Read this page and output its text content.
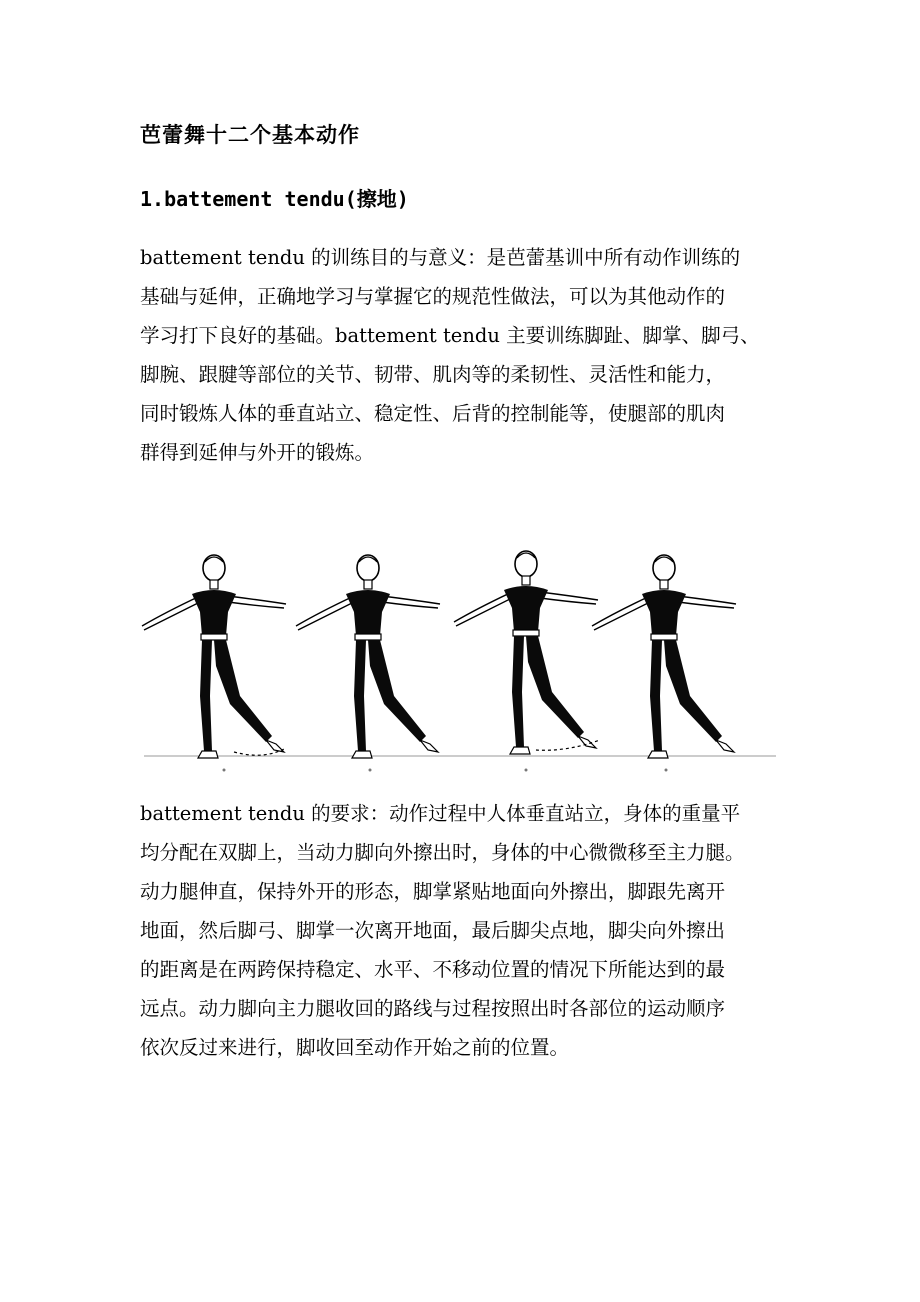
芭蕾舞十二个基本动作
1.battement tendu(擦地)
battement tendu 的训练目的与意义：是芭蕾基训中所有动作训练的
基础与延伸，正确地学习与掌握它的规范性做法，可以为其他动作的
学习打下良好的基础。battement tendu 主要训练脚趾、脚掌、脚弓、
脚腕、跟腱等部位的关节、韧带、肌肉等的柔韧性、灵活性和能力，
同时锻炼人体的垂直站立、稳定性、后背的控制能等，使腿部的肌肉
群得到延伸与外开的锻炼。
battement tendu 的要求：动作过程中人体垂直站立，身体的重量平
均分配在双脚上，当动力脚向外擦出时，身体的中心微微移至主力腿。
动力腿伸直，保持外开的形态，脚掌紧贴地面向外擦出，脚跟先离开
地面，然后脚弓、脚掌一次离开地面，最后脚尖点地，脚尖向外擦出
的距离是在两跨保持稳定、水平、不移动位置的情况下所能达到的最
远点。动力脚向主力腿收回的路线与过程按照出时各部位的运动顺序
依次反过来进行，脚收回至动作开始之前的位置。
